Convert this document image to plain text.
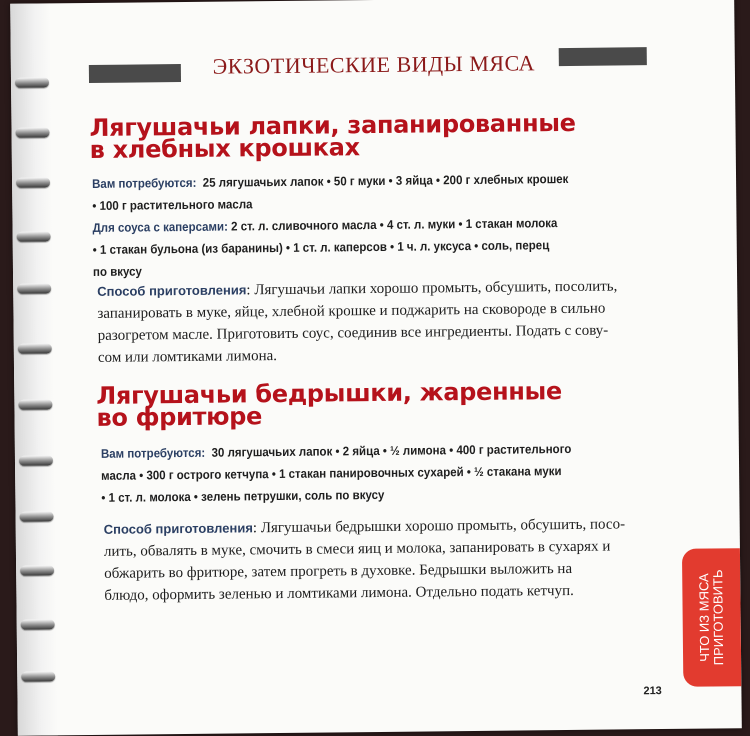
ЭКЗОТИЧЕСКИЕ ВИДЫ МЯСА
Лягушачьи лапки, запанированные
в хлебных крошках
Вам потребуются: 25 лягушачьих лапок • 50 г муки • 3 яйца • 200 г хлебных крошек
• 100 г растительного масла
Для соуса с каперсами: 2 ст. л. сливочного масла • 4 ст. л. муки • 1 стакан молока
• 1 стакан бульона (из баранины) • 1 ст. л. каперсов • 1 ч. л. уксуса • соль, перец
по вкусу
Способ приготовления: Лягушачьи лапки хорошо промыть, обсушить, посолить,
запанировать в муке, яйце, хлебной крошке и поджарить на сковороде в сильно
разогретом масле. Приготовить соус, соединив все ингредиенты. Подать с сову-
сом или ломтиками лимона.
Лягушачьи бедрышки, жаренные
во фритюре
Вам потребуются: 30 лягушачьих лапок • 2 яйца • ½ лимона • 400 г растительного
масла • 300 г острого кетчупа • 1 стакан панировочных сухарей • ½ стакана муки
• 1 ст. л. молока • зелень петрушки, соль по вкусу
Способ приготовления: Лягушачьи бедрышки хорошо промыть, обсушить, посо-
лить, обвалять в муке, смочить в смеси яиц и молока, запанировать в сухарях и
обжарить во фритюре, затем прогреть в духовке. Бедрышки выложить на
блюдо, оформить зеленью и ломтиками лимона. Отдельно подать кетчуп.	ЧТО ИЗ МЯСА
ПРИГОТОВИТЬ
213
